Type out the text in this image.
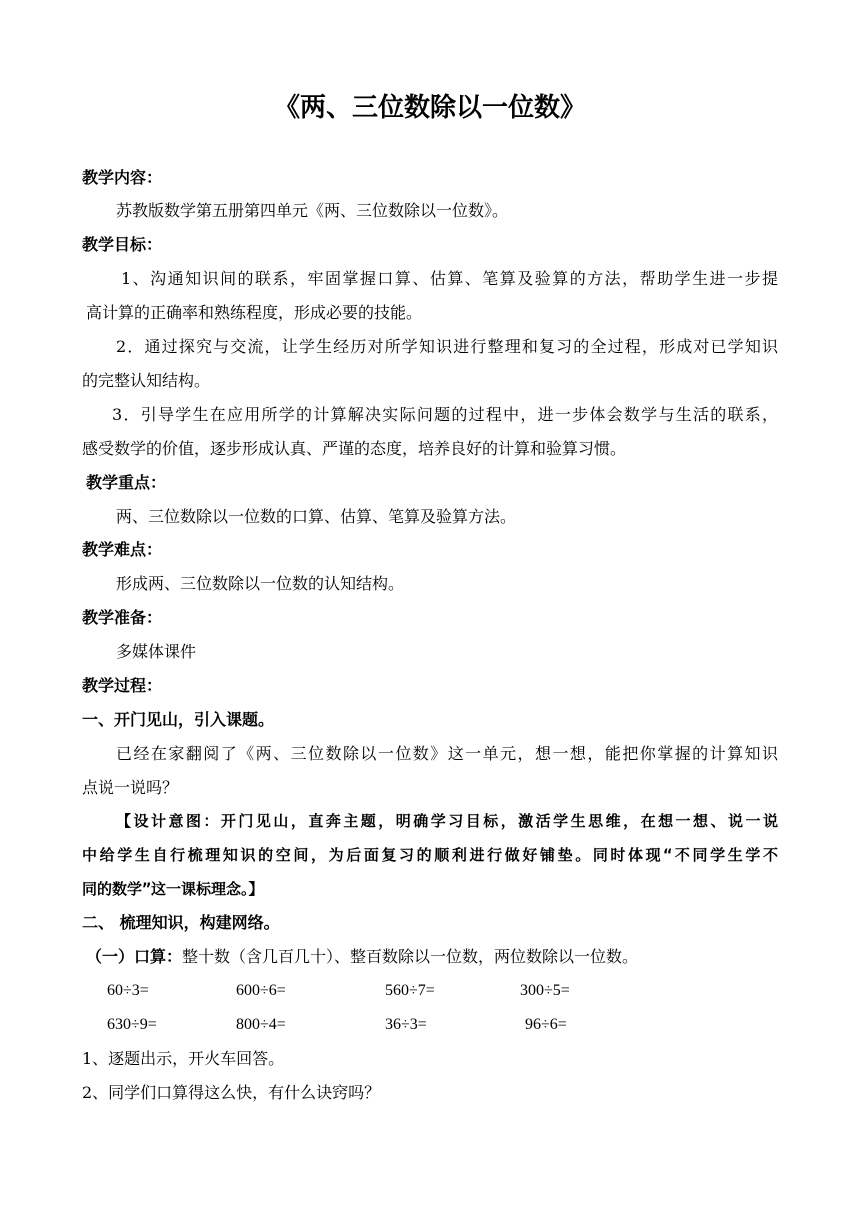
《两、三位数除以一位数》
教学内容：
苏教版数学第五册第四单元《两、三位数除以一位数》。
教学目标：
1、沟通知识间的联系，牢固掌握口算、估算、笔算及验算的方法，帮助学生进一步提
高计算的正确率和熟练程度，形成必要的技能。
2．通过探究与交流，让学生经历对所学知识进行整理和复习的全过程，形成对已学知识
的完整认知结构。
3．引导学生在应用所学的计算解决实际问题的过程中，进一步体会数学与生活的联系，
感受数学的价值，逐步形成认真、严谨的态度，培养良好的计算和验算习惯。
教学重点：
两、三位数除以一位数的口算、估算、笔算及验算方法。
教学难点：
形成两、三位数除以一位数的认知结构。
教学准备：
多媒体课件
教学过程：
一、开门见山，引入课题。
已经在家翻阅了《两、三位数除以一位数》这一单元，想一想，能把你掌握的计算知识
点说一说吗？
【设计意图：开门见山，直奔主题，明确学习目标，激活学生思维，在想一想、说一说
中给学生自行梳理知识的空间，为后面复习的顺利进行做好铺垫。同时体现“不同学生学不
同的数学”这一课标理念。】
二、 梳理知识，构建网络。
（一）口算：整十数（含几百几十）、整百数除以一位数，两位数除以一位数。
60÷3=	600÷6=	560÷7=	300÷5=
630÷9=	800÷4=	36÷3=	96÷6=
1、逐题出示，开火车回答。
2、同学们口算得这么快，有什么诀窍吗？
